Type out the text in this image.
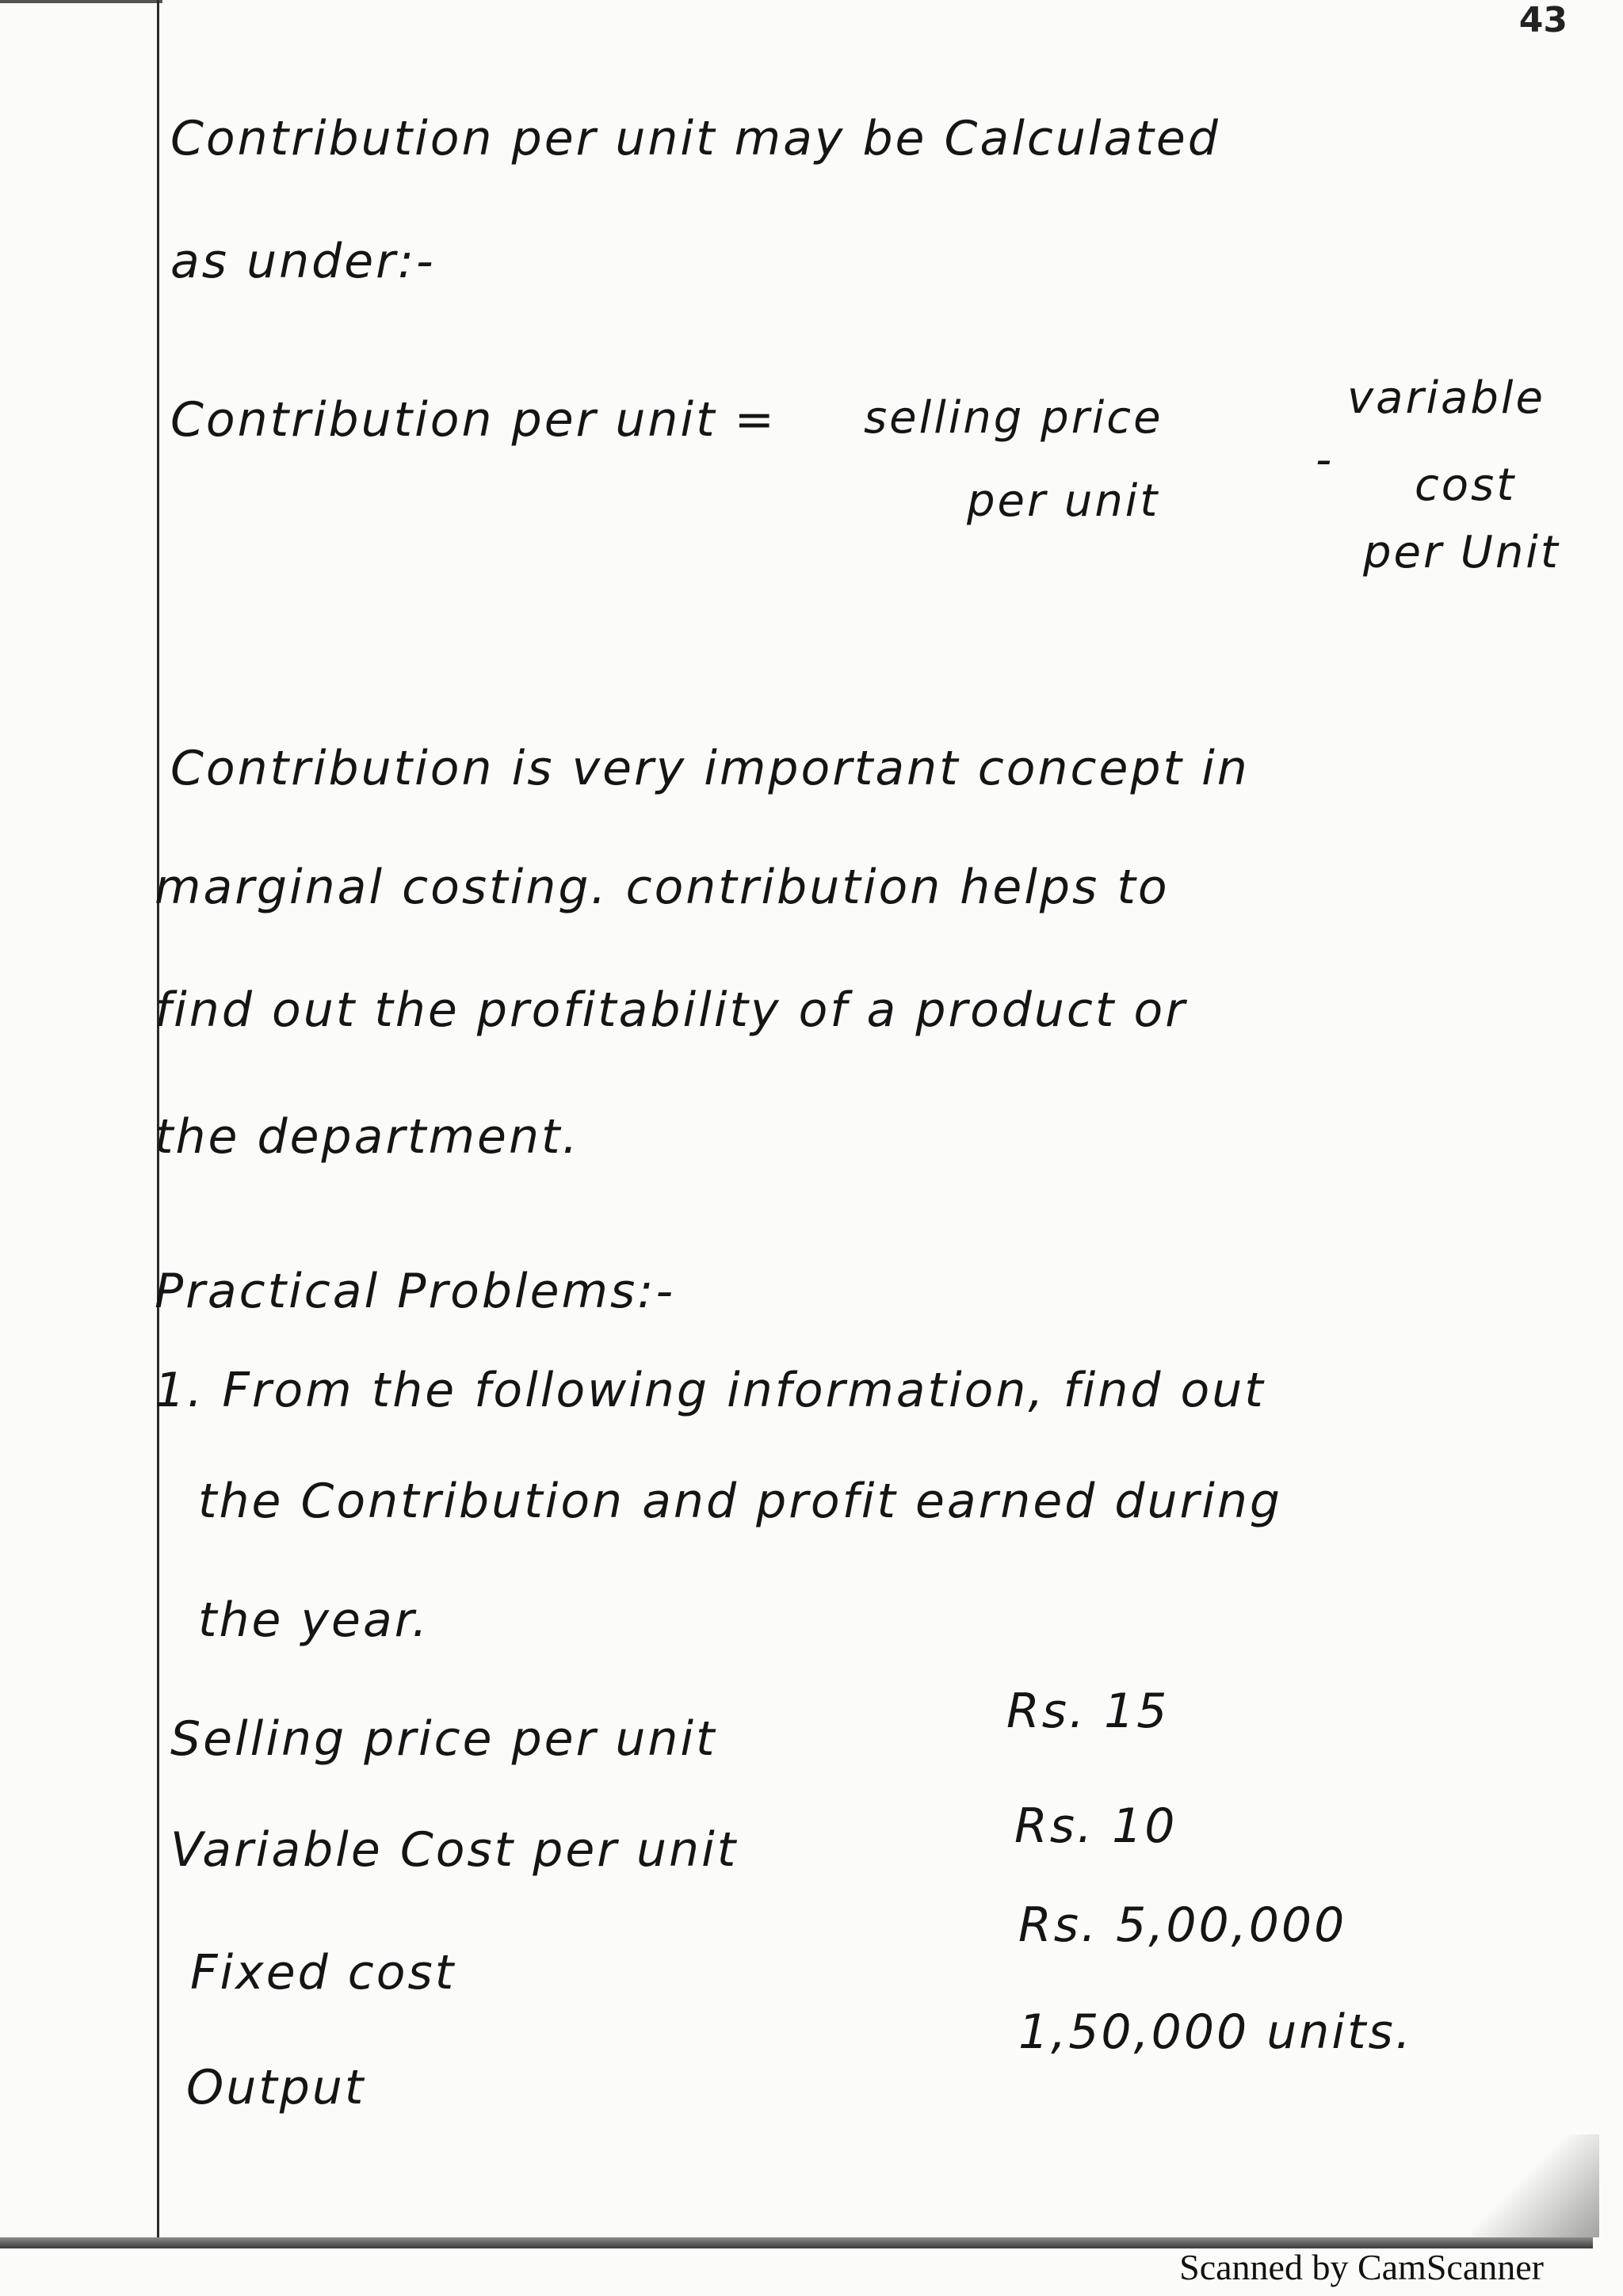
43
Contribution per unit may be Calculated
as under:-
Contribution per unit = selling price
per unit
-
variable
cost
per Unit
Contribution is very important concept in
marginal costing. contribution helps to
find out the profitability of a product or
the department.
Practical Problems:-
1. From the following information, find out
the Contribution and profit earned during
the year.
Selling price per unit	Rs. 15
Variable Cost per unit	Rs. 10
Fixed cost
Rs. 5,00,000
Output
1,50,000 units.
Scanned by CamScanner
